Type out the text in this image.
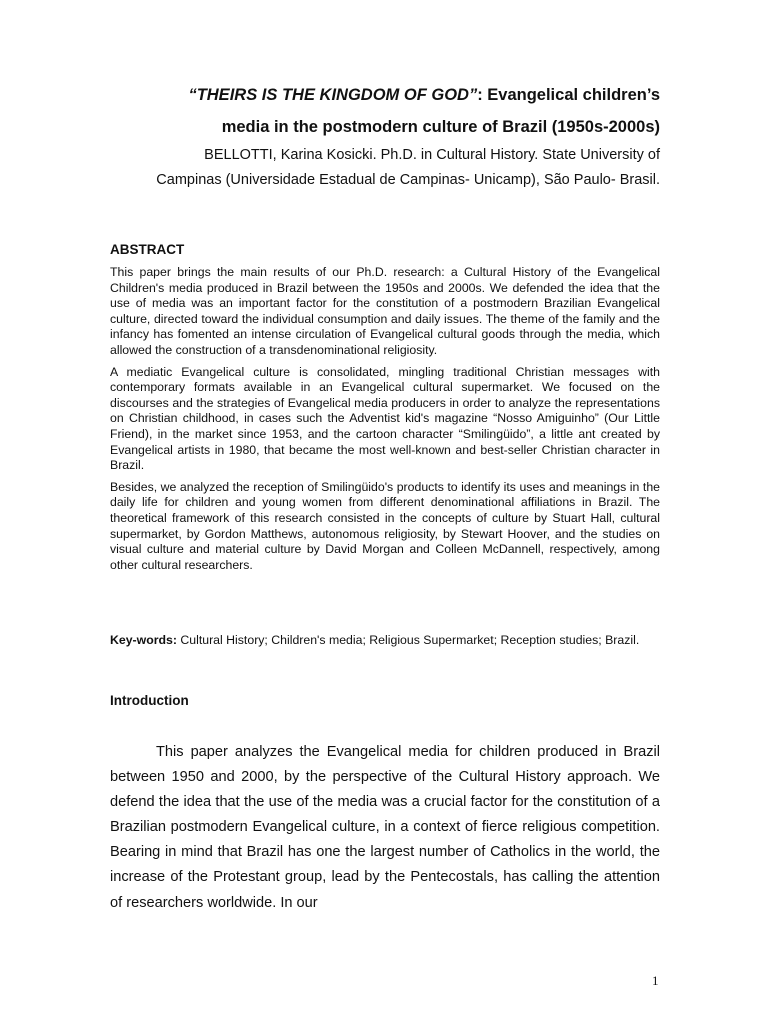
“THEIRS IS THE KINGDOM OF GOD”: Evangelical children’s
media in the postmodern culture of Brazil (1950s-2000s)
BELLOTTI, Karina Kosicki. Ph.D. in Cultural History. State University of
Campinas (Universidade Estadual de Campinas- Unicamp), São Paulo- Brasil.
ABSTRACT

This paper brings the main results of our Ph.D. research: a Cultural History of the Evangelical Children's media produced in Brazil between the 1950s and 2000s. We defended the idea that the use of media was an important factor for the constitution of a postmodern Brazilian Evangelical culture, directed toward the individual consumption and daily issues. The theme of the family and the infancy has fomented an intense circulation of Evangelical cultural goods through the media, which allowed the construction of a transdenominational religiosity.

A mediatic Evangelical culture is consolidated, mingling traditional Christian messages with contemporary formats available in an Evangelical cultural supermarket. We focused on the discourses and the strategies of Evangelical media producers in order to analyze the representations on Christian childhood, in cases such the Adventist kid's magazine “Nosso Amiguinho” (Our Little Friend), in the market since 1953, and the cartoon character “Smilingüido”, a little ant created by Evangelical artists in 1980, that became the most well-known and best-seller Christian character in Brazil.

Besides, we analyzed the reception of Smilingüido's products to identify its uses and meanings in the daily life for children and young women from different denominational affiliations in Brazil. The theoretical framework of this research consisted in the concepts of culture by Stuart Hall, cultural supermarket, by Gordon Matthews, autonomous religiosity, by Stewart Hoover, and the studies on visual culture and material culture by David Morgan and Colleen McDannell, respectively, among other cultural researchers.

Key-words: Cultural History; Children's media; Religious Supermarket; Reception studies; Brazil.

Introduction

This paper analyzes the Evangelical media for children produced in Brazil between 1950 and 2000, by the perspective of the Cultural History approach. We defend the idea that the use of the media was a crucial factor for the constitution of a Brazilian postmodern Evangelical culture, in a context of fierce religious competition. Bearing in mind that Brazil has one the largest number of Catholics in the world, the increase of the Protestant group, lead by the Pentecostals, has calling the attention of researchers worldwide. In our

1
